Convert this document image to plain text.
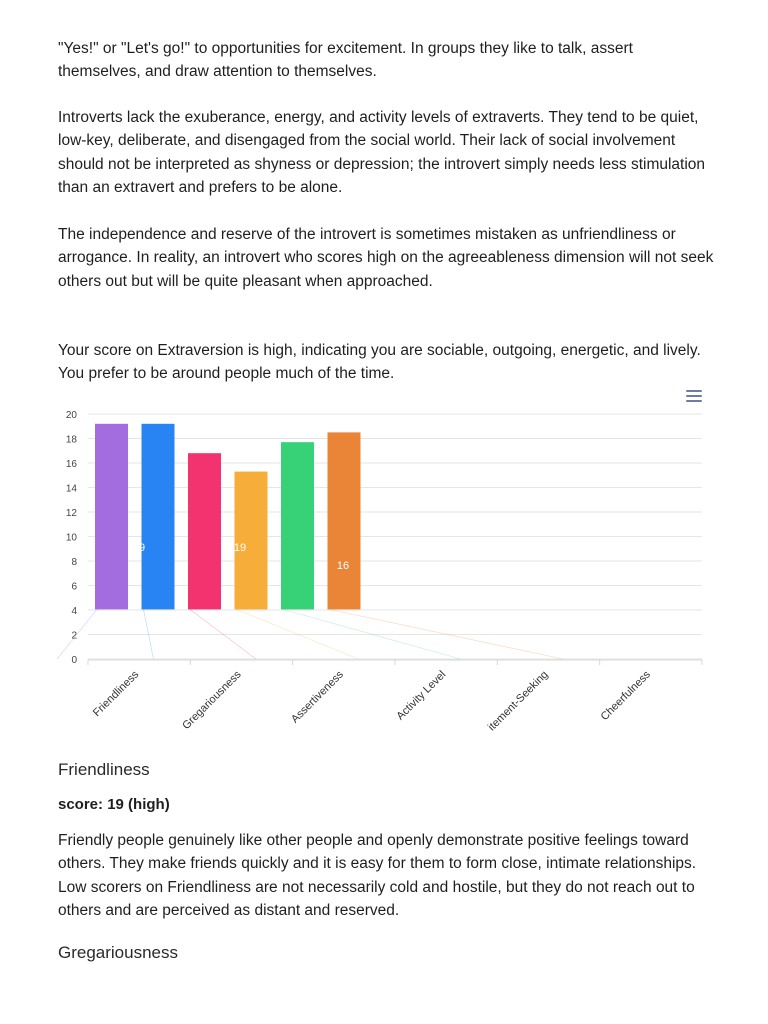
"Yes!" or "Let's go!" to opportunities for excitement. In groups they like to talk, assert themselves, and draw attention to themselves.

Introverts lack the exuberance, energy, and activity levels of extraverts. They tend to be quiet, low-key, deliberate, and disengaged from the social world. Their lack of social involvement should not be interpreted as shyness or depression; the introvert simply needs less stimulation than an extravert and prefers to be alone.

The independence and reserve of the introvert is sometimes mistaken as unfriendliness or arrogance. In reality, an introvert who scores high on the agreeableness dimension will not seek others out but will be quite pleasant when approached.

Your score on Extraversion is high, indicating you are sociable, outgoing, energetic, and lively. You prefer to be around people much of the time.

0
2
4
6
8
10
12
14
16
18
20
9	19
16
Friendliness	Gregariousness	Assertiveness	Activity Level	itement-Seeking	Cheerfulness
Friendliness
score: 19 (high)

Friendly people genuinely like other people and openly demonstrate positive feelings toward others. They make friends quickly and it is easy for them to form close, intimate relationships. Low scorers on Friendliness are not necessarily cold and hostile, but they do not reach out to others and are perceived as distant and reserved.

Gregariousness
